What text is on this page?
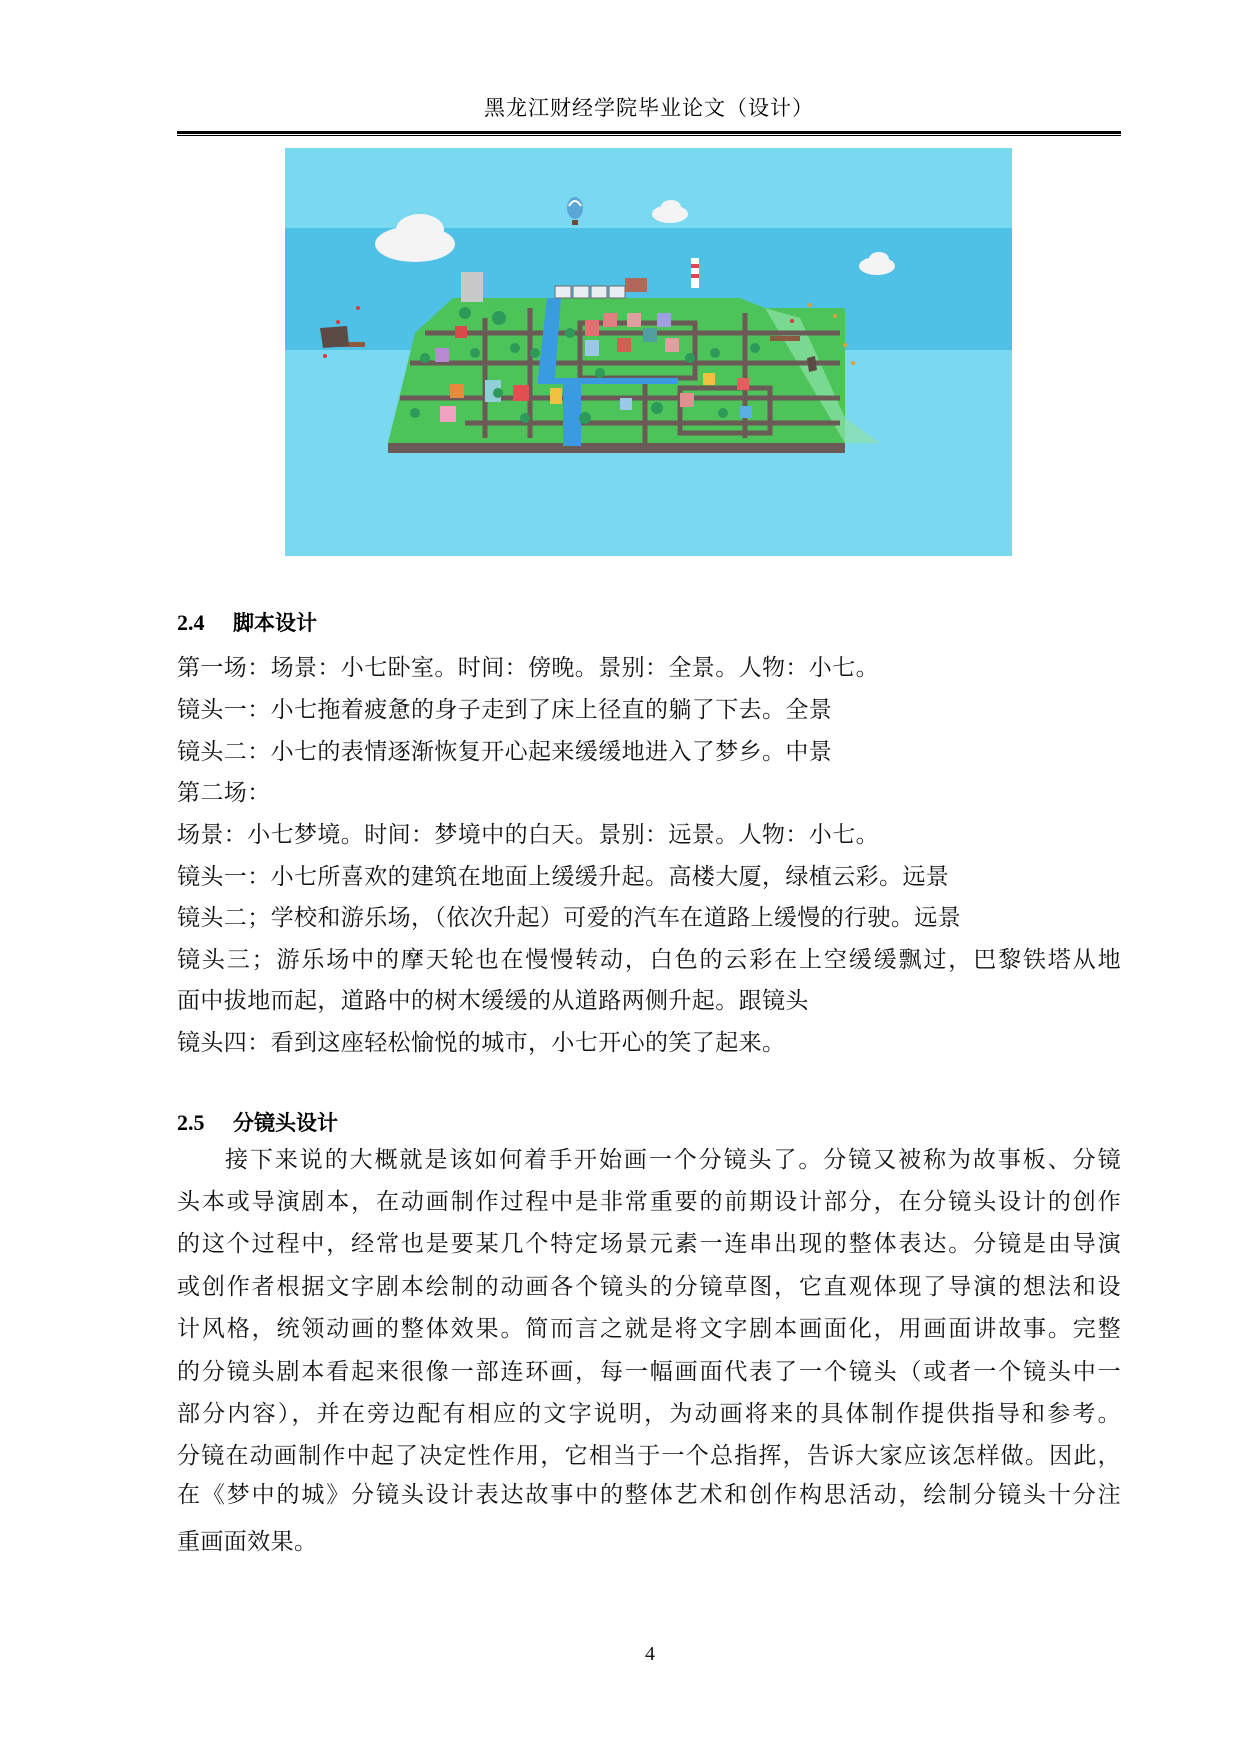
黑龙江财经学院毕业论文（设计）
2.4 脚本设计
第一场：场景：小七卧室。时间：傍晚。景别：全景。人物：小七。
镜头一：小七拖着疲惫的身子走到了床上径直的躺了下去。全景
镜头二：小七的表情逐渐恢复开心起来缓缓地进入了梦乡。中景
第二场：
场景：小七梦境。时间：梦境中的白天。景别：远景。人物：小七。
镜头一：小七所喜欢的建筑在地面上缓缓升起。高楼大厦，绿植云彩。远景
镜头二；学校和游乐场，（依次升起）可爱的汽车在道路上缓慢的行驶。远景
镜头三；游乐场中的摩天轮也在慢慢转动，白色的云彩在上空缓缓飘过，巴黎铁塔从地
面中拔地而起，道路中的树木缓缓的从道路两侧升起。跟镜头
镜头四：看到这座轻松愉悦的城市，小七开心的笑了起来。
2.5 分镜头设计
接下来说的大概就是该如何着手开始画一个分镜头了。分镜又被称为故事板、分镜
头本或导演剧本，在动画制作过程中是非常重要的前期设计部分，在分镜头设计的创作
的这个过程中，经常也是要某几个特定场景元素一连串出现的整体表达。分镜是由导演
或创作者根据文字剧本绘制的动画各个镜头的分镜草图，它直观体现了导演的想法和设
计风格，统领动画的整体效果。简而言之就是将文字剧本画面化，用画面讲故事。完整
的分镜头剧本看起来很像一部连环画，每一幅画面代表了一个镜头（或者一个镜头中一
部分内容），并在旁边配有相应的文字说明，为动画将来的具体制作提供指导和参考。
分镜在动画制作中起了决定性作用，它相当于一个总指挥，告诉大家应该怎样做。因此，
在《梦中的城》分镜头设计表达故事中的整体艺术和创作构思活动，绘制分镜头十分注
重画面效果。
4
